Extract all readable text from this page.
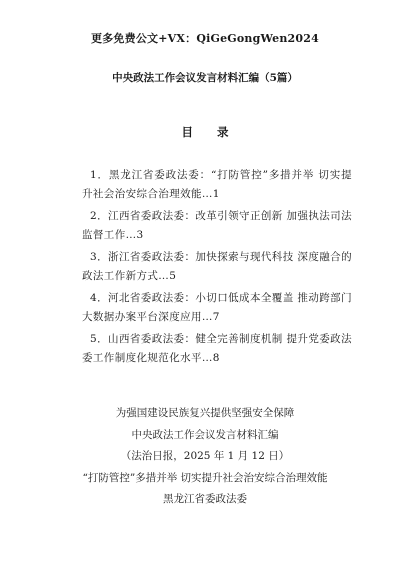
更多免费公文+VX：QiGeGongWen2024
中央政法工作会议发言材料汇编（5篇）
目 录

1．黑龙江省委政法委：“打防管控”多措并举 切实提升社会治安综合治理效能…1

2．江西省委政法委：改革引领守正创新 加强执法司法监督工作…3

3．浙江省委政法委：加快探索与现代科技 深度融合的政法工作新方式…5

4．河北省委政法委：小切口低成本全覆盖 推动跨部门大数据办案平台深度应用…7

5．山西省委政法委：健全完善制度机制 提升党委政法委工作制度化规范化水平…8

为强国建设民族复兴提供坚强安全保障
中央政法工作会议发言材料汇编
（法治日报，2025 年 1 月 12 日）
“打防管控”多措并举 切实提升社会治安综合治理效能
黑龙江省委政法委
